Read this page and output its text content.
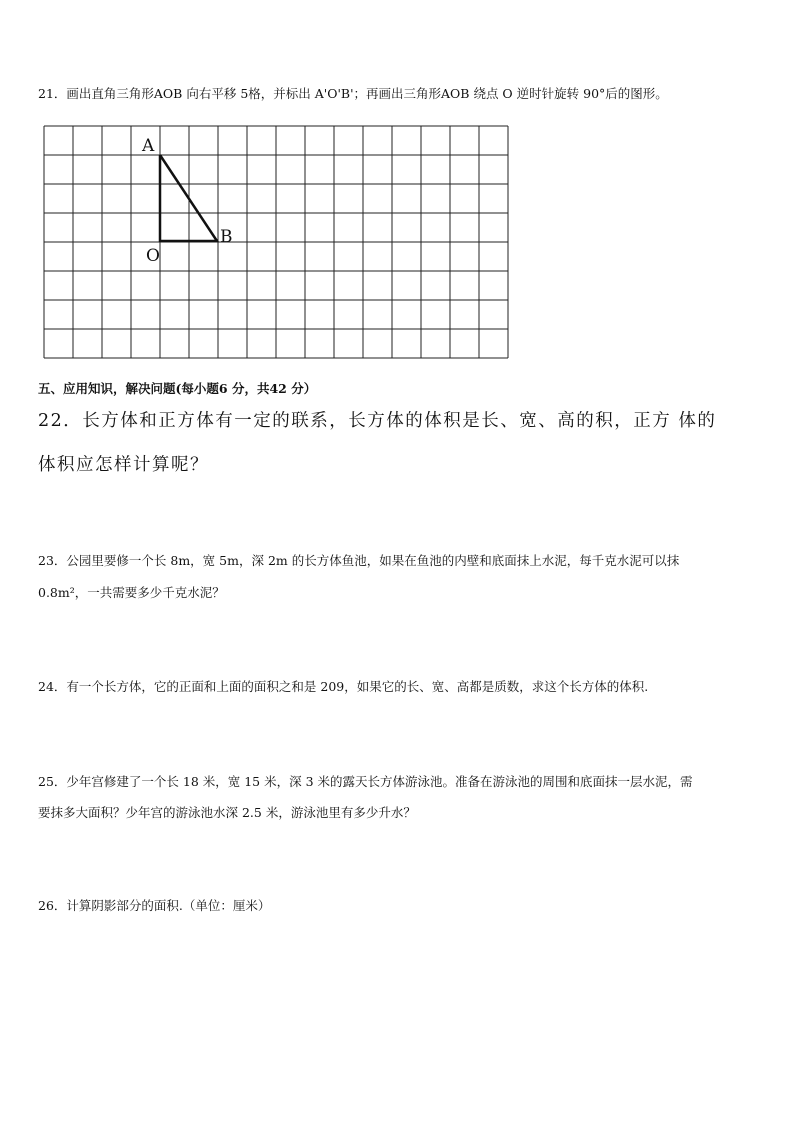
21．画出直角三角形AOB 向右平移 5格，并标出 A'O'B'；再画出三角形AOB 绕点 O 逆时针旋转 90°后的图形。
A
O
B
五、应用知识，解决问题(每小题6 分，共42 分）
22．长方体和正方体有一定的联系，长方体的体积是长、宽、高的积，正方 体的
体积应怎样计算呢？
23．公园里要修一个长 8m，宽 5m，深 2m 的长方体鱼池，如果在鱼池的内壁和底面抹上水泥，每千克水泥可以抹
0.8m²，一共需要多少千克水泥？
24．有一个长方体，它的正面和上面的面积之和是 209，如果它的长、宽、高都是质数，求这个长方体的体积.
25．少年宫修建了一个长 18 米，宽 15 米，深 3 米的露天长方体游泳池。准备在游泳池的周围和底面抹一层水泥，需
要抹多大面积？少年宫的游泳池水深 2.5 米，游泳池里有多少升水？
26．计算阴影部分的面积.（单位：厘米）
